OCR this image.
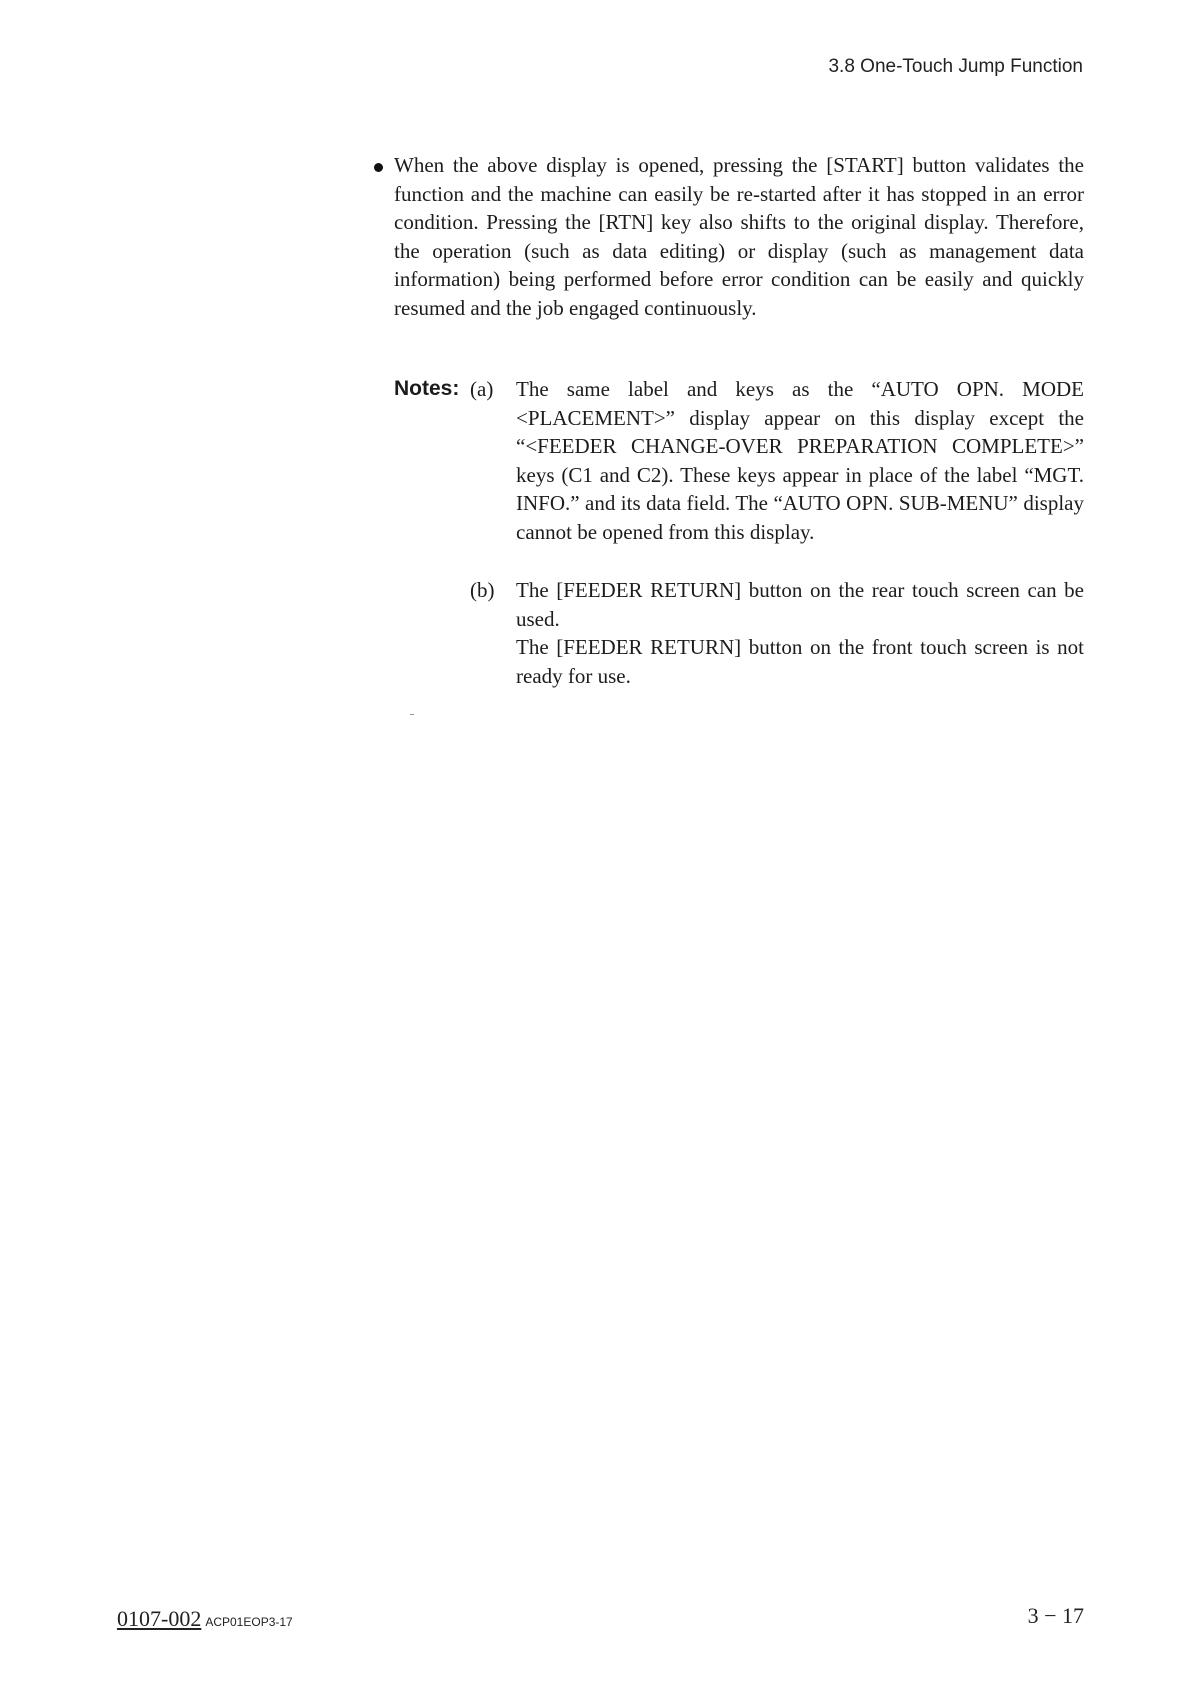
3.8 One-Touch Jump Function

When the above display is opened, pressing the [START] button validates the function and the machine can easily be re-started after it has stopped in an error condition. Pressing the [RTN] key also shifts to the original display. Therefore, the operation (such as data editing) or display (such as management data information) being performed before error condition can be easily and quickly resumed and the job engaged continuously.

Notes: (a) The same label and keys as the “AUTO OPN. MODE <PLACEMENT>” display appear on this display except the “<FEEDER CHANGE-OVER PREPARATION COMPLETE>” keys (C1 and C2). These keys appear in place of the label “MGT. INFO.” and its data field. The “AUTO OPN. SUB-MENU” display cannot be opened from this display.

(b) The [FEEDER RETURN] button on the rear touch screen can be used.

The [FEEDER RETURN] button on the front touch screen is not ready for use.

0107-002 ACP01EOP3-17	3 − 17
